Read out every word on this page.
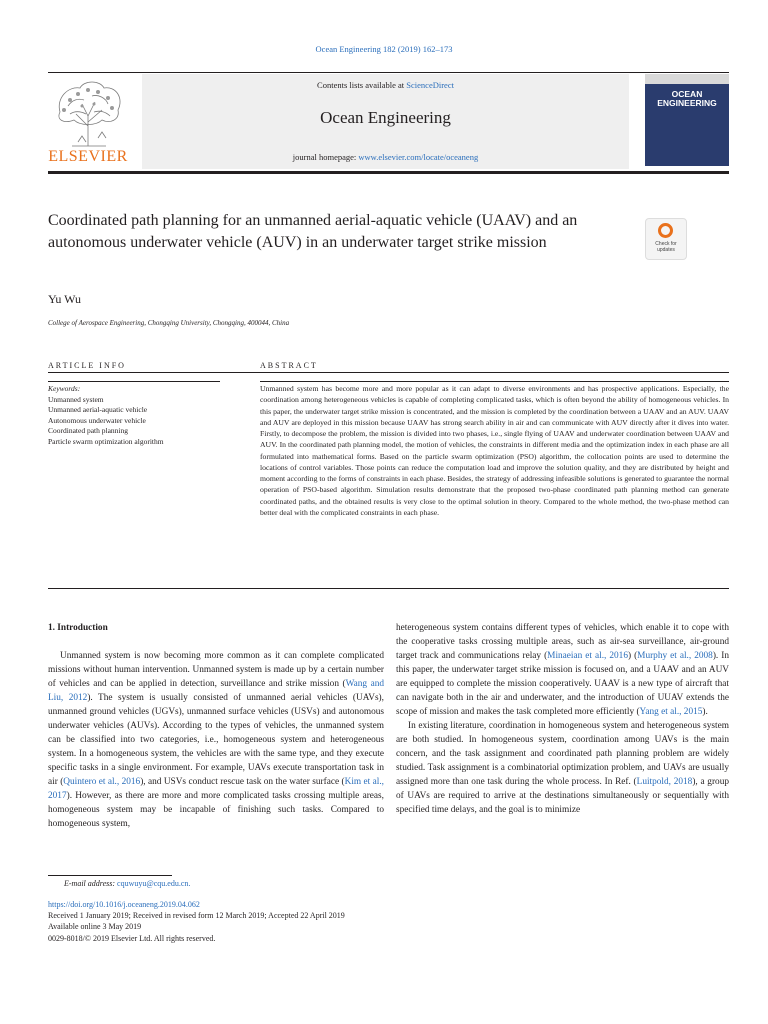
Ocean Engineering 182 (2019) 162–173
ELSEVIER
Contents lists available at ScienceDirect
Ocean Engineering
journal homepage: www.elsevier.com/locate/oceaneng
OCEAN
ENGINEERING
Coordinated path planning for an unmanned aerial-aquatic vehicle (UAAV) and an autonomous underwater vehicle (AUV) in an underwater target strike mission	Check for updates
Yu Wu
College of Aerospace Engineering, Chongqing University, Chongqing, 400044, China
ARTICLE INFO	ABSTRACT
Keywords:
Unmanned system
Unmanned aerial-aquatic vehicle
Autonomous underwater vehicle
Coordinated path planning
Particle swarm optimization algorithm
Unmanned system has become more and more popular as it can adapt to diverse environments and has prospective applications. Especially, the coordination among heterogeneous vehicles is capable of completing complicated tasks, which is often beyond the ability of homogeneous vehicles. In this paper, the underwater target strike mission is concentrated, and the mission is completed by the coordination between a UAAV and an AUV. UAAV and AUV are deployed in this mission because UAAV has strong search ability in air and can communicate with AUV directly after it dives into water. Firstly, to decompose the problem, the mission is divided into two phases, i.e., single flying of UAAV and underwater coordination between UAAV and AUV. In the coordinated path planning model, the motion of vehicles, the constraints in different media and the optimization index in each phase are all formulated into mathematical forms. Based on the particle swarm optimization (PSO) algorithm, the collocation points are used to determine the locations of control variables. Those points can reduce the computation load and improve the solution quality, and they are distributed by height and moment according to the forms of constraints in each phase. Besides, the strategy of addressing infeasible solutions is generated to guarantee the normal operation of PSO-based algorithm. Simulation results demonstrate that the proposed two-phase coordinated path planning method can generate coordinated paths, and the obtained results is very close to the optimal solution in theory. Compared to the whole method, the two-phase method can better deal with the complicated constraints in each phase.

1. Introduction

Unmanned system is now becoming more common as it can complete complicated missions without human intervention. Unmanned system is made up by a certain number of vehicles and can be applied in detection, surveillance and strike mission (Wang and Liu, 2012). The system is usually consisted of unmanned aerial vehicles (UAVs), unmanned ground vehicles (UGVs), unmanned surface vehicles (USVs) and autonomous underwater vehicles (AUVs). According to the types of vehicles, the unmanned system can be classified into two categories, i.e., homogeneous system and heterogeneous system. In a homogeneous system, the vehicles are with the same type, and they execute specific tasks in a single environment. For example, UAVs execute transportation task in air (Quintero et al., 2016), and USVs conduct rescue task on the water surface (Kim et al., 2017). However, as there are more and more complicated tasks crossing multiple areas, homogeneous system may be incapable of finishing such tasks. Compared to homogeneous system,

heterogeneous system contains different types of vehicles, which enable it to cope with the cooperative tasks crossing multiple areas, such as air-sea surveillance, air-ground target track and communications relay (Minaeian et al., 2016) (Murphy et al., 2008). In this paper, the underwater target strike mission is focused on, and a UAAV and an AUV are equipped to complete the mission cooperatively. UAAV is a new type of aircraft that can navigate both in the air and underwater, and the introduction of UUAV extends the scope of mission and makes the task completed more efficiently (Yang et al., 2015).

In existing literature, coordination in homogeneous system and heterogeneous system are both studied. In homogeneous system, coordination among UAVs is the main concern, and the task assignment and coordinated path planning problem are widely studied. Task assignment is a combinatorial optimization problem, and UAVs are usually assigned more than one task during the whole process. In Ref. (Luitpold, 2018), a group of UAVs are required to arrive at the destinations simultaneously or sequentially with specified time delays, and the goal is to minimize

E-mail address: cquwuyu@cqu.edu.cn.
https://doi.org/10.1016/j.oceaneng.2019.04.062
Received 1 January 2019; Received in revised form 12 March 2019; Accepted 22 April 2019
Available online 3 May 2019
0029-8018/© 2019 Elsevier Ltd. All rights reserved.
